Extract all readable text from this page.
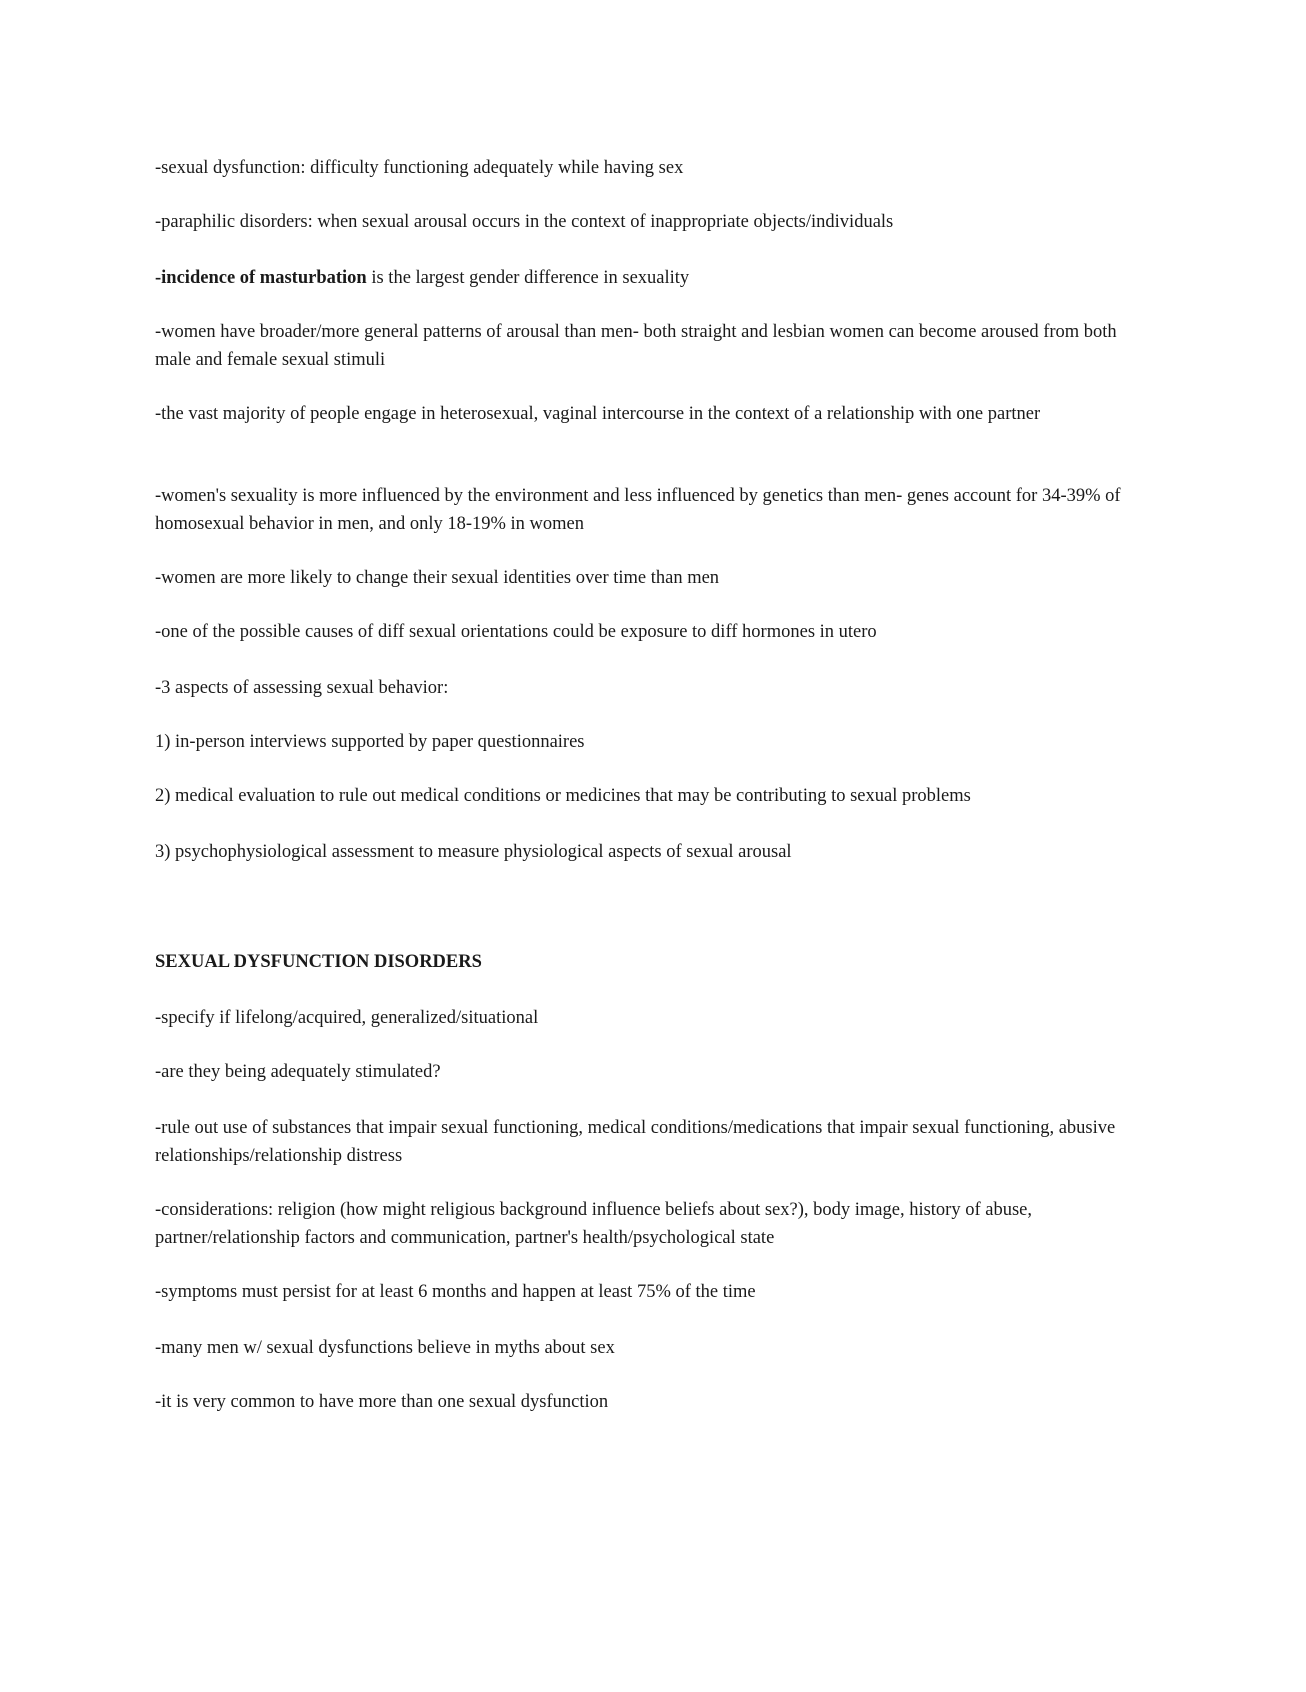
-sexual dysfunction: difficulty functioning adequately while having sex

-paraphilic disorders: when sexual arousal occurs in the context of inappropriate objects/individuals

-incidence of masturbation is the largest gender difference in sexuality

-women have broader/more general patterns of arousal than men- both straight and lesbian women can become aroused from both male and female sexual stimuli

-the vast majority of people engage in heterosexual, vaginal intercourse in the context of a relationship with one partner

-women's sexuality is more influenced by the environment and less influenced by genetics than men- genes account for 34-39% of homosexual behavior in men, and only 18-19% in women

-women are more likely to change their sexual identities over time than men

-one of the possible causes of diff sexual orientations could be exposure to diff hormones in utero

-3 aspects of assessing sexual behavior:

1) in-person interviews supported by paper questionnaires

2) medical evaluation to rule out medical conditions or medicines that may be contributing to sexual problems

3) psychophysiological assessment to measure physiological aspects of sexual arousal

SEXUAL DYSFUNCTION DISORDERS

-specify if lifelong/acquired, generalized/situational

-are they being adequately stimulated?

-rule out use of substances that impair sexual functioning, medical conditions/medications that impair sexual functioning, abusive relationships/relationship distress

-considerations: religion (how might religious background influence beliefs about sex?), body image, history of abuse, partner/relationship factors and communication, partner's health/psychological state

-symptoms must persist for at least 6 months and happen at least 75% of the time

-many men w/ sexual dysfunctions believe in myths about sex

-it is very common to have more than one sexual dysfunction
